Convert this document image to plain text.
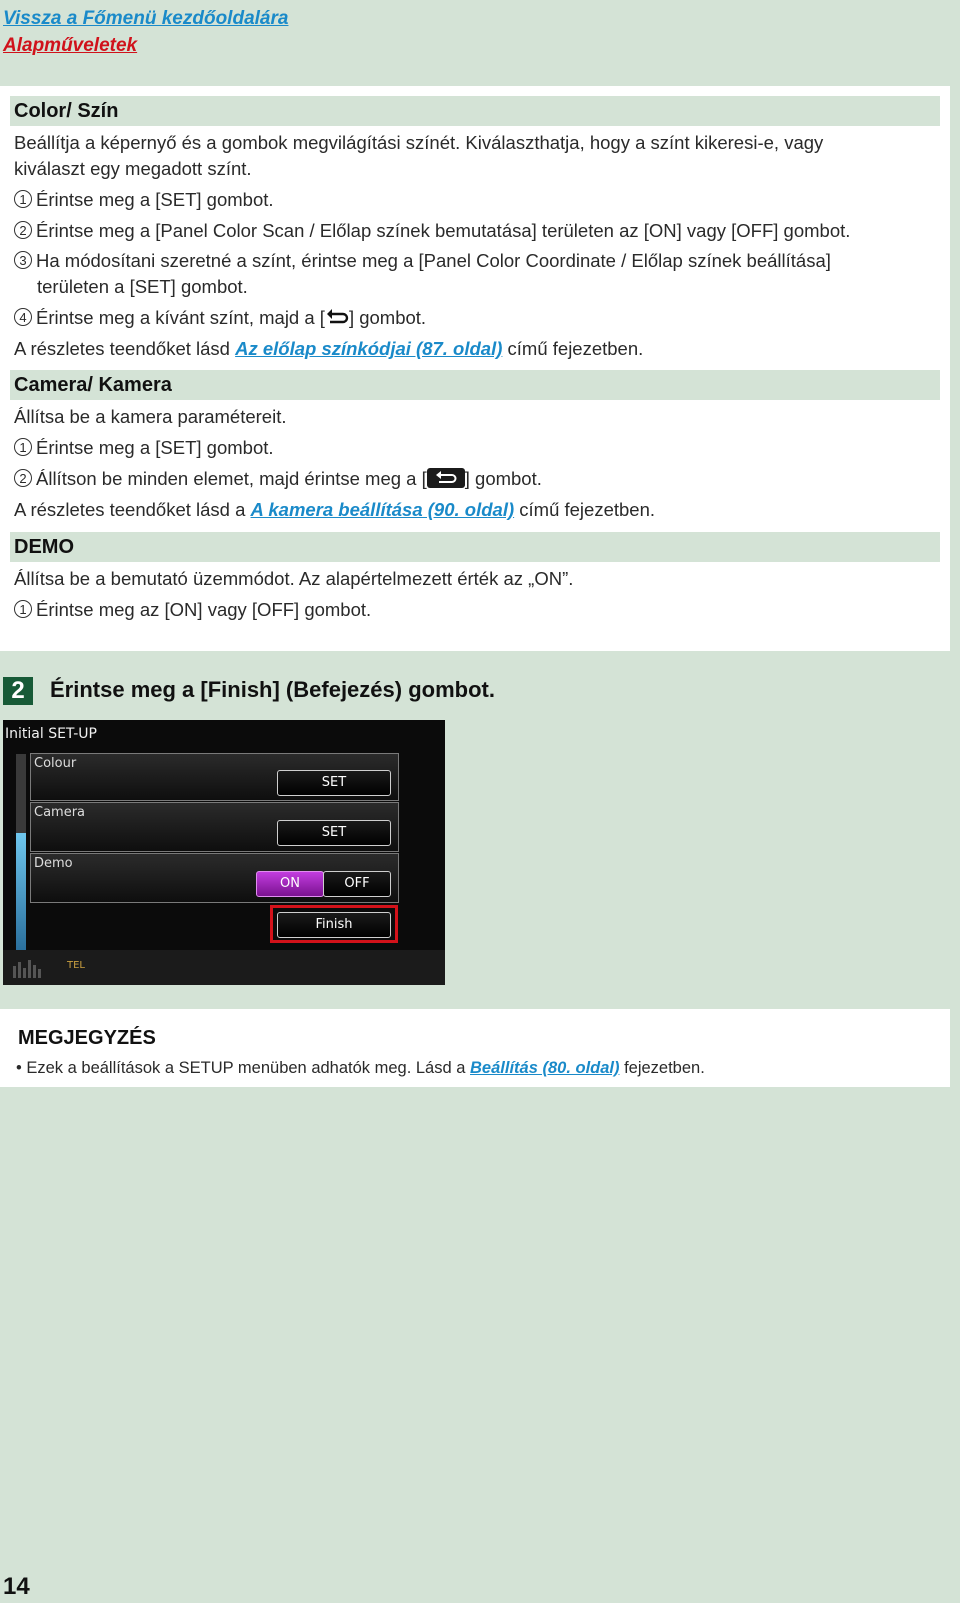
Vissza a Főmenü kezdőoldalára
Alapműveletek
Color/ Szín
Beállítja a képernyő és a gombok megvilágítási színét. Kiválaszthatja, hogy a színt kikeresi-e, vagy
kiválaszt egy megadott színt.
1 Érintse meg a [SET] gombot.
2 Érintse meg a [Panel Color Scan / Előlap színek bemutatása] területen az [ON] vagy [OFF] gombot.
3 Ha módosítani szeretné a színt, érintse meg a [Panel Color Coordinate / Előlap színek beállítása]
területen a [SET] gombot.
4 Érintse meg a kívánt színt, majd a [ ] gombot.
A részletes teendőket lásd Az előlap színkódjai (87. oldal) című fejezetben.
Camera/ Kamera
Állítsa be a kamera paramétereit.
1 Érintse meg a [SET] gombot.
2 Állítson be minden elemet, majd érintse meg a [ ] gombot.
A részletes teendőket lásd a A kamera beállítása (90. oldal) című fejezetben.
DEMO
Állítsa be a bemutató üzemmódot. Az alapértelmezett érték az „ON”.
1 Érintse meg az [ON] vagy [OFF] gombot.
2	Érintse meg a [Finish] (Befejezés) gombot.
Initial SET-UP
Colour
SET
Camera
SET
Demo
ON	OFF
Finish
TEL
MEGJEGYZÉS
• Ezek a beállítások a SETUP menüben adhatók meg. Lásd a Beállítás (80. oldal) fejezetben.
14
